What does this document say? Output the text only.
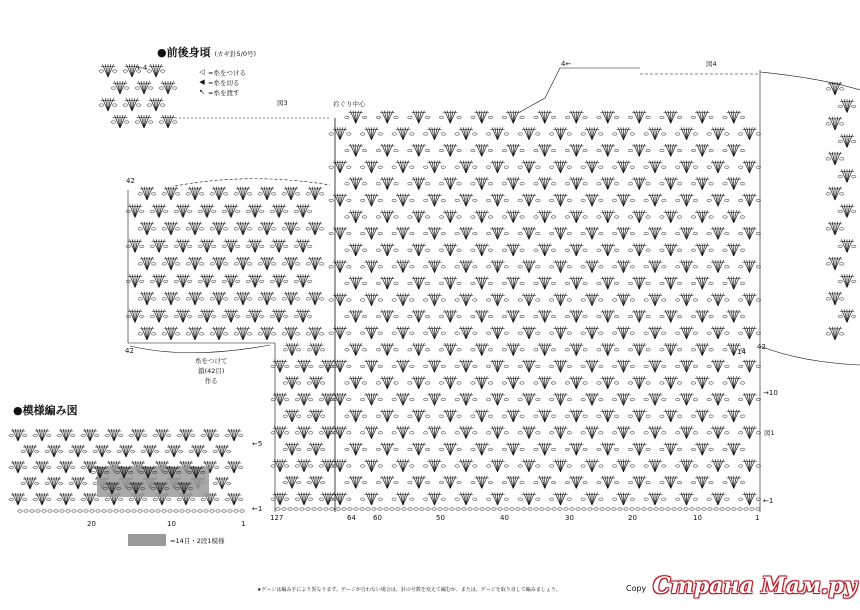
●前後身頃 (カギ針5/0号)
◁ =糸をつける
◀ =糸を切る
↖ =糸を渡す
衿ぐり中心
図3
図4
図1
←4	4←
14
→10
←1
42	42
42
糸をつけて
鎖(42目)
作る
127	64 60	50	40	30	20	10	1
●模様編み図
←5
←1
20	10	1
=14目・2段1模様
★ゲージは編み手により異なります。ゲージが合わない場合は、針の号数を変えて編むか、または、ゲージを取り直して編みましょう。	Copy Страна Мам.ру
